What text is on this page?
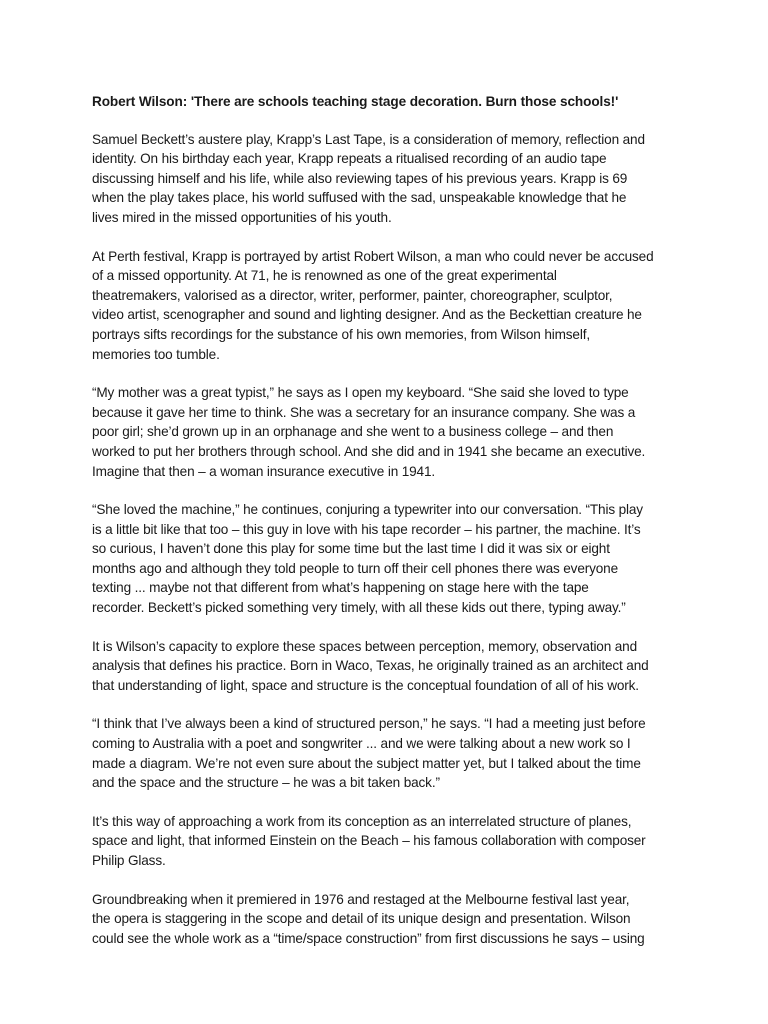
Robert Wilson: 'There are schools teaching stage decoration. Burn those schools!'
Samuel Beckett’s austere play, Krapp’s Last Tape, is a consideration of memory, reflection and
identity. On his birthday each year, Krapp repeats a ritualised recording of an audio tape
discussing himself and his life, while also reviewing tapes of his previous years. Krapp is 69
when the play takes place, his world suffused with the sad, unspeakable knowledge that he
lives mired in the missed opportunities of his youth.
At Perth festival, Krapp is portrayed by artist Robert Wilson, a man who could never be accused
of a missed opportunity. At 71, he is renowned as one of the great experimental
theatremakers, valorised as a director, writer, performer, painter, choreographer, sculptor,
video artist, scenographer and sound and lighting designer. And as the Beckettian creature he
portrays sifts recordings for the substance of his own memories, from Wilson himself,
memories too tumble.
“My mother was a great typist,” he says as I open my keyboard. “She said she loved to type
because it gave her time to think. She was a secretary for an insurance company. She was a
poor girl; she’d grown up in an orphanage and she went to a business college – and then
worked to put her brothers through school. And she did and in 1941 she became an executive.
Imagine that then – a woman insurance executive in 1941.
“She loved the machine,” he continues, conjuring a typewriter into our conversation. “This play
is a little bit like that too – this guy in love with his tape recorder – his partner, the machine. It’s
so curious, I haven’t done this play for some time but the last time I did it was six or eight
months ago and although they told people to turn off their cell phones there was everyone
texting ... maybe not that different from what’s happening on stage here with the tape
recorder. Beckett’s picked something very timely, with all these kids out there, typing away.”
It is Wilson’s capacity to explore these spaces between perception, memory, observation and
analysis that defines his practice. Born in Waco, Texas, he originally trained as an architect and
that understanding of light, space and structure is the conceptual foundation of all of his work.
“I think that I’ve always been a kind of structured person,” he says. “I had a meeting just before
coming to Australia with a poet and songwriter ... and we were talking about a new work so I
made a diagram. We’re not even sure about the subject matter yet, but I talked about the time
and the space and the structure – he was a bit taken back.”
It’s this way of approaching a work from its conception as an interrelated structure of planes,
space and light, that informed Einstein on the Beach – his famous collaboration with composer
Philip Glass.
Groundbreaking when it premiered in 1976 and restaged at the Melbourne festival last year,
the opera is staggering in the scope and detail of its unique design and presentation. Wilson
could see the whole work as a “time/space construction” from first discussions he says – using
